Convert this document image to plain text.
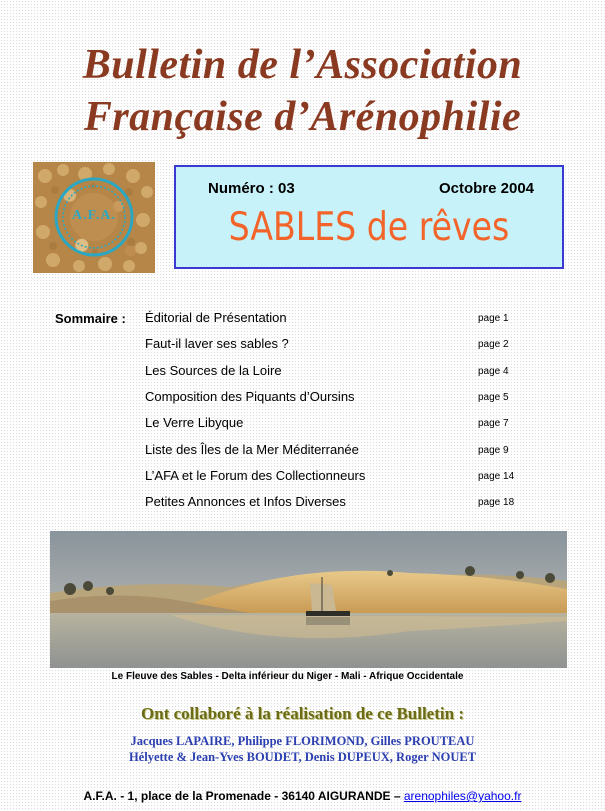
Bulletin de l’Association
Française d’Arénophilie
A.F.A.
Numéro : 03	Octobre 2004
SABLES de rêves
Sommaire : Éditorial de Présentation	page 1
Faut-il laver ses sables ?	page 2
Les Sources de la Loire	page 4
Composition des Piquants d’Oursins	page 5
Le Verre Libyque	page 7
Liste des Îles de la Mer Méditerranée	page 9
L’AFA et le Forum des Collectionneurs	page 14
Petites Annonces et Infos Diverses	page 18
Le Fleuve des Sables - Delta inférieur du Niger - Mali - Afrique Occidentale
Ont collaboré à la réalisation de ce Bulletin :
Jacques LAPAIRE, Philippe FLORIMOND, Gilles PROUTEAU
Hélyette & Jean-Yves BOUDET, Denis DUPEUX, Roger NOUET
A.F.A. - 1, place de la Promenade - 36140 AIGURANDE – arenophiles@yahoo.fr
